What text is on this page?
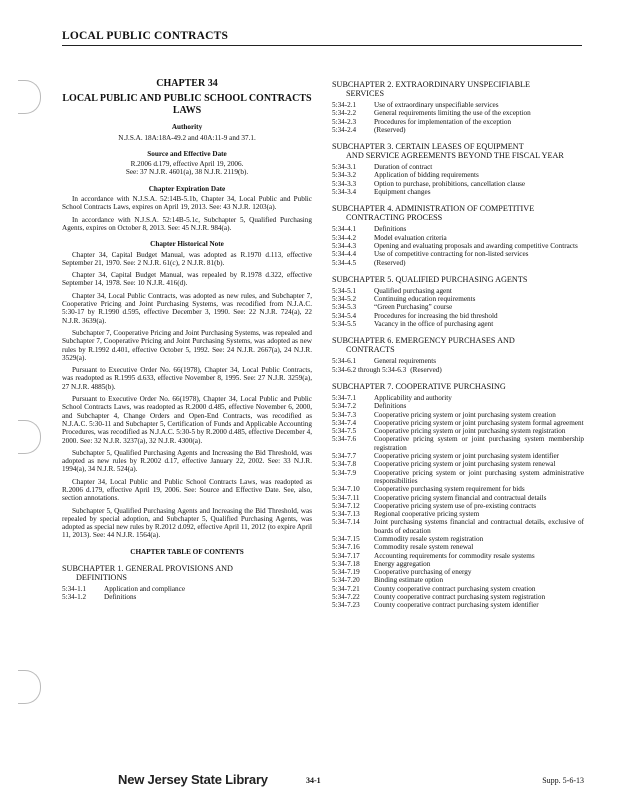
LOCAL PUBLIC CONTRACTS
CHAPTER 34
LOCAL PUBLIC AND PUBLIC SCHOOL CONTRACTS LAWS
Authority

N.J.S.A. 18A:18A-49.2 and 40A:11-9 and 37.1.

Source and Effective Date

R.2006 d.179, effective April 19, 2006.

See: 37 N.J.R. 4601(a), 38 N.J.R. 2119(b).

Chapter Expiration Date

In accordance with N.J.S.A. 52:14B-5.1b, Chapter 34, Local Public and Public School Contracts Laws, expires on April 19, 2013. See: 43 N.J.R. 1203(a).

In accordance with N.J.S.A. 52:14B-5.1c, Subchapter 5, Qualified Purchasing Agents, expires on October 8, 2013. See: 45 N.J.R. 984(a).

Chapter Historical Note

Chapter 34, Capital Budget Manual, was adopted as R.1970 d.113, effective September 21, 1970. See: 2 N.J.R. 61(c), 2 N.J.R. 81(b).

Chapter 34, Capital Budget Manual, was repealed by R.1978 d.322, effective September 14, 1978. See: 10 N.J.R. 416(d).

Chapter 34, Local Public Contracts, was adopted as new rules, and Subchapter 7, Cooperative Pricing and Joint Purchasing Systems, was recodified from N.J.A.C. 5:30-17 by R.1990 d.595, effective December 3, 1990. See: 22 N.J.R. 724(a), 22 N.J.R. 3639(a).

Subchapter 7, Cooperative Pricing and Joint Purchasing Systems, was repealed and Subchapter 7, Cooperative Pricing and Joint Purchasing Systems, was adopted as new rules by R.1992 d.401, effective October 5, 1992. See: 24 N.J.R. 2667(a), 24 N.J.R. 3529(a).

Pursuant to Executive Order No. 66(1978), Chapter 34, Local Public Contracts, was readopted as R.1995 d.633, effective November 8, 1995. See: 27 N.J.R. 3259(a), 27 N.J.R. 4885(b).

Pursuant to Executive Order No. 66(1978), Chapter 34, Local Public and Public School Contracts Laws, was readopted as R.2000 d.485, effective November 6, 2000, and Subchapter 4, Change Orders and Open-End Contracts, was recodified as N.J.A.C. 5:30-11 and Subchapter 5, Certification of Funds and Applicable Accounting Procedures, was recodified as N.J.A.C. 5:30-5 by R.2000 d.485, effective December 4, 2000. See: 32 N.J.R. 3237(a), 32 N.J.R. 4300(a).

Subchapter 5, Qualified Purchasing Agents and Increasing the Bid Threshold, was adopted as new rules by R.2002 d.17, effective January 22, 2002. See: 33 N.J.R. 1994(a), 34 N.J.R. 524(a).

Chapter 34, Local Public and Public School Contracts Laws, was readopted as R.2006 d.179, effective April 19, 2006. See: Source and Effective Date. See, also, section annotations.

Subchapter 5, Qualified Purchasing Agents and Increasing the Bid Threshold, was repealed by special adoption, and Subchapter 5, Qualified Purchasing Agents, was adopted as special new rules by R.2012 d.092, effective April 11, 2012 (to expire April 11, 2013). See: 44 N.J.R. 1564(a).

CHAPTER TABLE OF CONTENTS
SUBCHAPTER 1. GENERAL PROVISIONS AND
DEFINITIONS
5:34-1.1	Application and compliance
5:34-1.2	Definitions
SUBCHAPTER 2. EXTRAORDINARY UNSPECIFIABLE
SERVICES
5:34-2.1	Use of extraordinary unspecifiable services
5:34-2.2	General requirements limiting the use of the exception
5:34-2.3	Procedures for implementation of the exception
5:34-2.4	(Reserved)
SUBCHAPTER 3. CERTAIN LEASES OF EQUIPMENT
AND SERVICE AGREEMENTS BEYOND THE FISCAL YEAR
5:34-3.1	Duration of contract
5:34-3.2	Application of bidding requirements
5:34-3.3	Option to purchase, prohibitions, cancellation clause
5:34-3.4	Equipment changes
SUBCHAPTER 4. ADMINISTRATION OF COMPETITIVE
CONTRACTING PROCESS
5:34-4.1	Definitions
5:34-4.2	Model evaluation criteria
5:34-4.3	Opening and evaluating proposals and awarding competitive Contracts
5:34-4.4	Use of competitive contracting for non-listed services
5:34-4.5	(Reserved)
SUBCHAPTER 5. QUALIFIED PURCHASING AGENTS
5:34-5.1	Qualified purchasing agent
5:34-5.2	Continuing education requirements
5:34-5.3	“Green Purchasing” course
5:34-5.4	Procedures for increasing the bid threshold
5:34-5.5	Vacancy in the office of purchasing agent
SUBCHAPTER 6. EMERGENCY PURCHASES AND
CONTRACTS
5:34-6.1	General requirements
5:34-6.2 through 5:34-6.3 (Reserved)
SUBCHAPTER 7. COOPERATIVE PURCHASING
5:34-7.1	Applicability and authority
5:34-7.2	Definitions
5:34-7.3	Cooperative pricing system or joint purchasing system creation
5:34-7.4	Cooperative pricing system or joint purchasing system formal agreement
5:34-7.5	Cooperative pricing system or joint purchasing system registration
5:34-7.6	Cooperative pricing system or joint purchasing system membership registration
5:34-7.7	Cooperative pricing system or joint purchasing system identifier
5:34-7.8	Cooperative pricing system or joint purchasing system renewal
5:34-7.9	Cooperative pricing system or joint purchasing system administrative responsibilities
5:34-7.10	Cooperative purchasing system requirement for bids
5:34-7.11	Cooperative pricing system financial and contractual details
5:34-7.12	Cooperative pricing system use of pre-existing contracts
5:34-7.13	Regional cooperative pricing system
5:34-7.14	Joint purchasing systems financial and contractual details, exclusive of boards of education
5:34-7.15	Commodity resale system registration
5:34-7.16	Commodity resale system renewal
5:34-7.17	Accounting requirements for commodity resale systems
5:34-7.18	Energy aggregation
5:34-7.19	Cooperative purchasing of energy
5:34-7.20	Binding estimate option
5:34-7.21	County cooperative contract purchasing system creation
5:34-7.22	County cooperative contract purchasing system registration
5:34-7.23	County cooperative contract purchasing system identifier
New Jersey State Library	34-1	Supp. 5-6-13
